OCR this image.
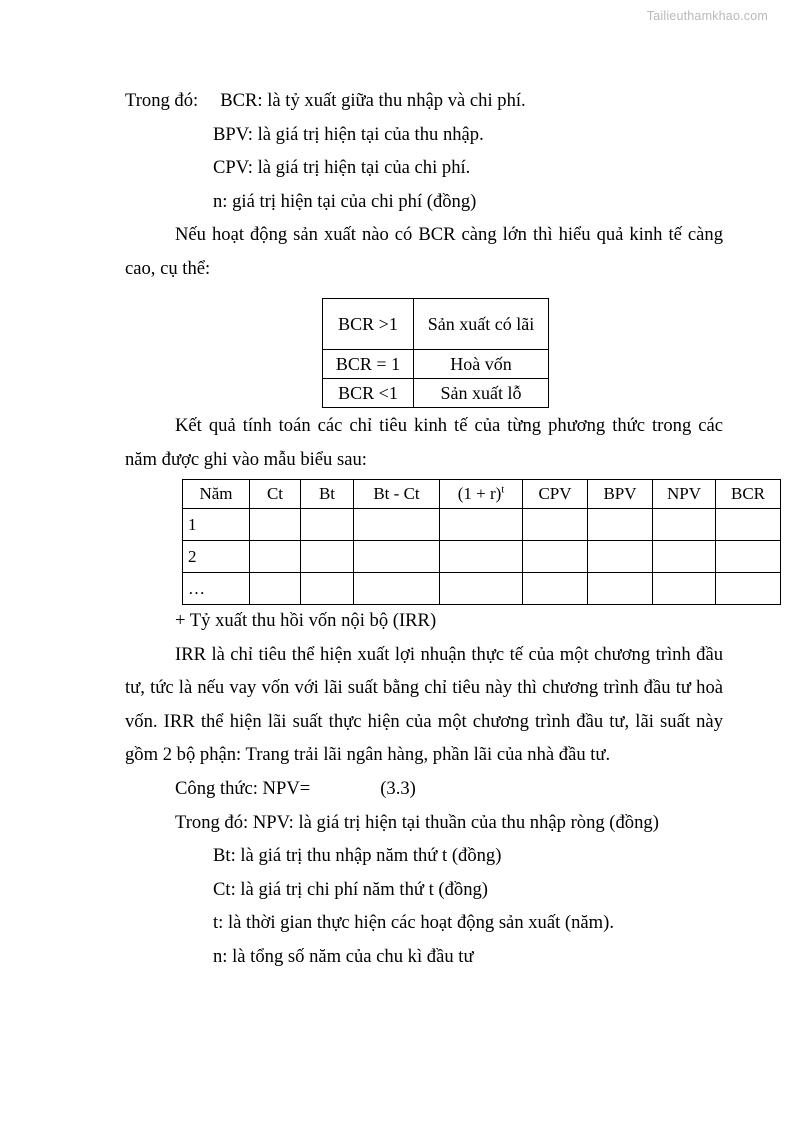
Tailieuthamkhao.com

Trong đó: BCR: là tỷ xuất giữa thu nhập và chi phí.

BPV: là giá trị hiện tại của thu nhập.

CPV: là giá trị hiện tại của chi phí.

n: giá trị hiện tại của chi phí (đồng)

Nếu hoạt động sản xuất nào có BCR càng lớn thì hiểu quả kinh tế càng cao, cụ thể:

BCR >1	Sản xuất có lãi
BCR = 1	Hoà vốn
BCR <1	Sản xuất lỗ

Kết quả tính toán các chỉ tiêu kinh tế của từng phương thức trong các năm được ghi vào mẫu biểu sau:

Năm	Ct	Bt	Bt - Ct	$(1 + r)^t$	CPV	BPV	NPV	BCR
1								
2								
…								

+ Tỷ xuất thu hồi vốn nội bộ (IRR)

IRR là chỉ tiêu thể hiện xuất lợi nhuận thực tế của một chương trình đầu tư, tức là nếu vay vốn với lãi suất bằng chỉ tiêu này thì chương trình đầu tư hoà vốn. IRR thể hiện lãi suất thực hiện của một chương trình đầu tư, lãi suất này gồm 2 bộ phận: Trang trải lãi ngân hàng, phần lãi của nhà đầu tư.

Công thức: NPV=	(3.3)

Trong đó: NPV: là giá trị hiện tại thuần của thu nhập ròng (đồng)

Bt: là giá trị thu nhập năm thứ t (đồng)

Ct: là giá trị chi phí năm thứ t (đồng)

t: là thời gian thực hiện các hoạt động sản xuất (năm).

n: là tổng số năm của chu kì đầu tư
